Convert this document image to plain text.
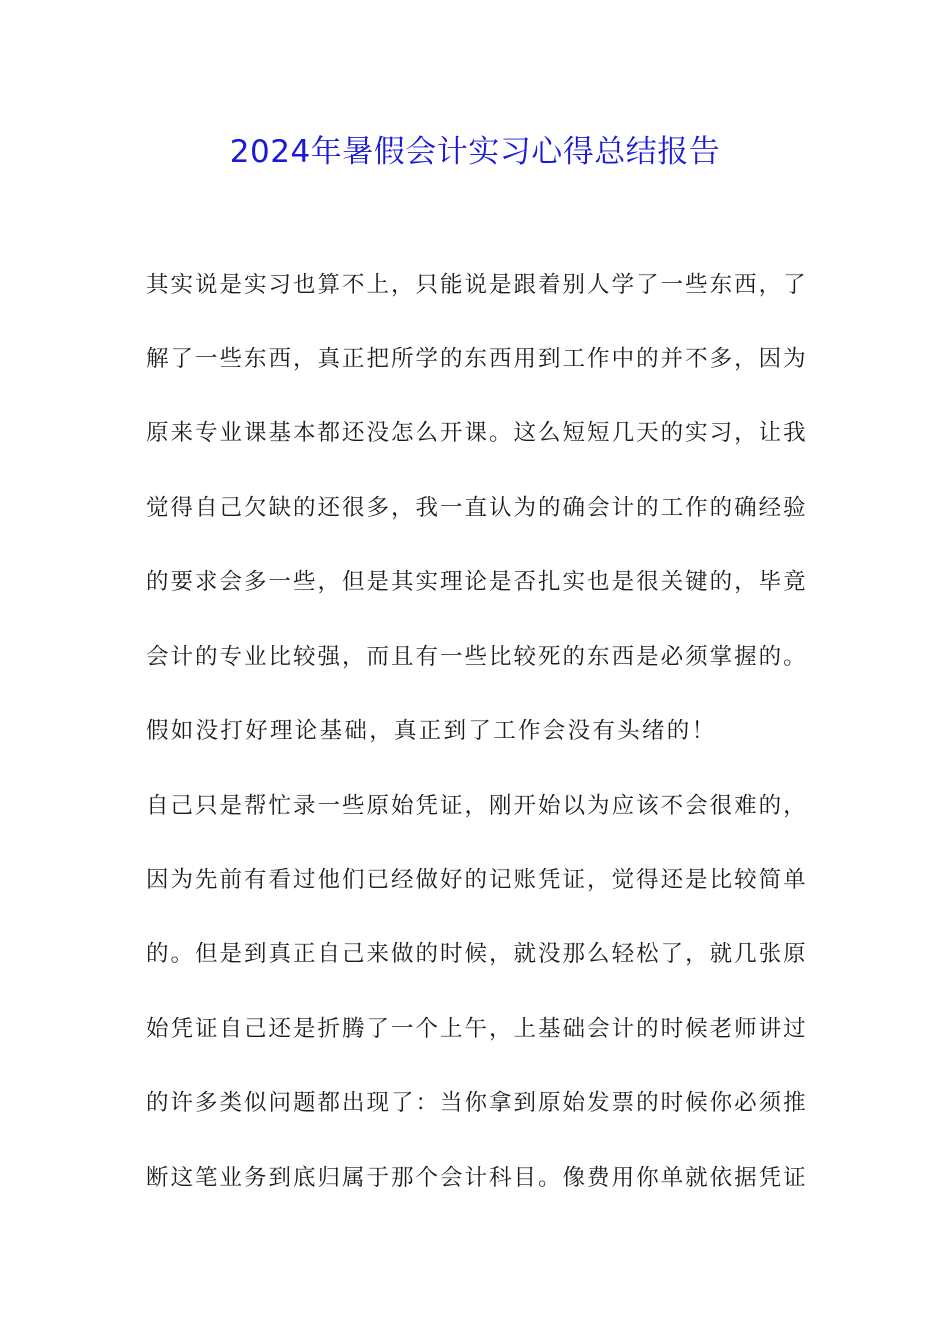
2024年暑假会计实习心得总结报告
其实说是实习也算不上，只能说是跟着别人学了一些东西，了
解了一些东西，真正把所学的东西用到工作中的并不多，因为
原来专业课基本都还没怎么开课。这么短短几天的实习，让我
觉得自己欠缺的还很多，我一直认为的确会计的工作的确经验
的要求会多一些，但是其实理论是否扎实也是很关键的，毕竟
会计的专业比较强，而且有一些比较死的东西是必须掌握的。
假如没打好理论基础，真正到了工作会没有头绪的！
自己只是帮忙录一些原始凭证，刚开始以为应该不会很难的，
因为先前有看过他们已经做好的记账凭证，觉得还是比较简单
的。但是到真正自己来做的时候，就没那么轻松了，就几张原
始凭证自己还是折腾了一个上午，上基础会计的时候老师讲过
的许多类似问题都出现了：当你拿到原始发票的时候你必须推
断这笔业务到底归属于那个会计科目。像费用你单就依据凭证
